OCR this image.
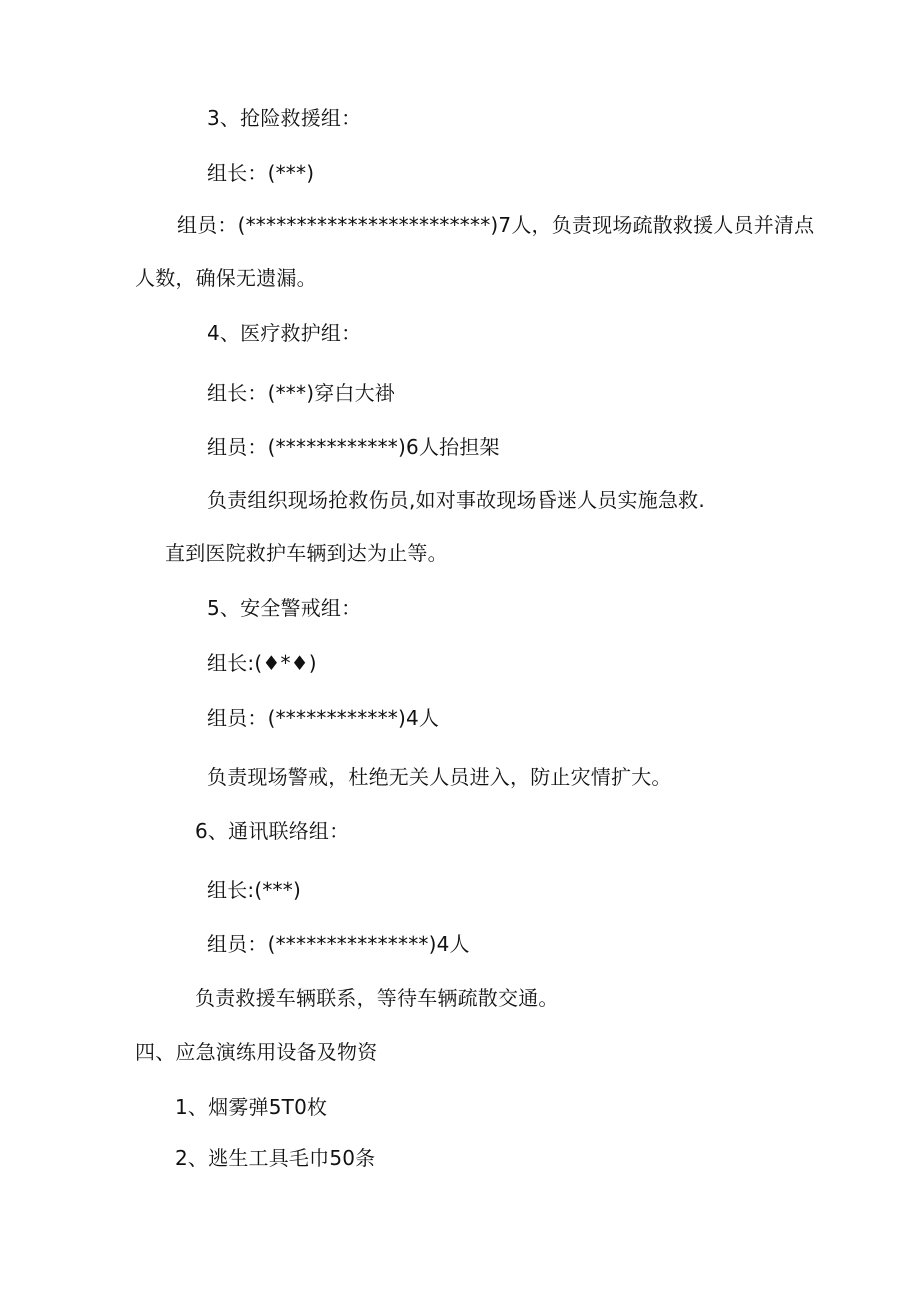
3、抢险救援组：
组长：(***)
组员：(************************)7人，负责现场疏散救援人员并清点
人数，确保无遗漏。
4、医疗救护组：
组长：(***)穿白大褂
组员：(************)6人抬担架
负责组织现场抢救伤员,如对事故现场昏迷人员实施急救.
直到医院救护车辆到达为止等。
5、安全警戒组：
组长:(♦*♦)
组员：(************)4人
负责现场警戒，杜绝无关人员进入，防止灾情扩大。
6、通讯联络组：
组长:(***)
组员：(***************)4人
负责救援车辆联系，等待车辆疏散交通。
四、应急演练用设备及物资
1、烟雾弹5T0枚
2、逃生工具毛巾50条
